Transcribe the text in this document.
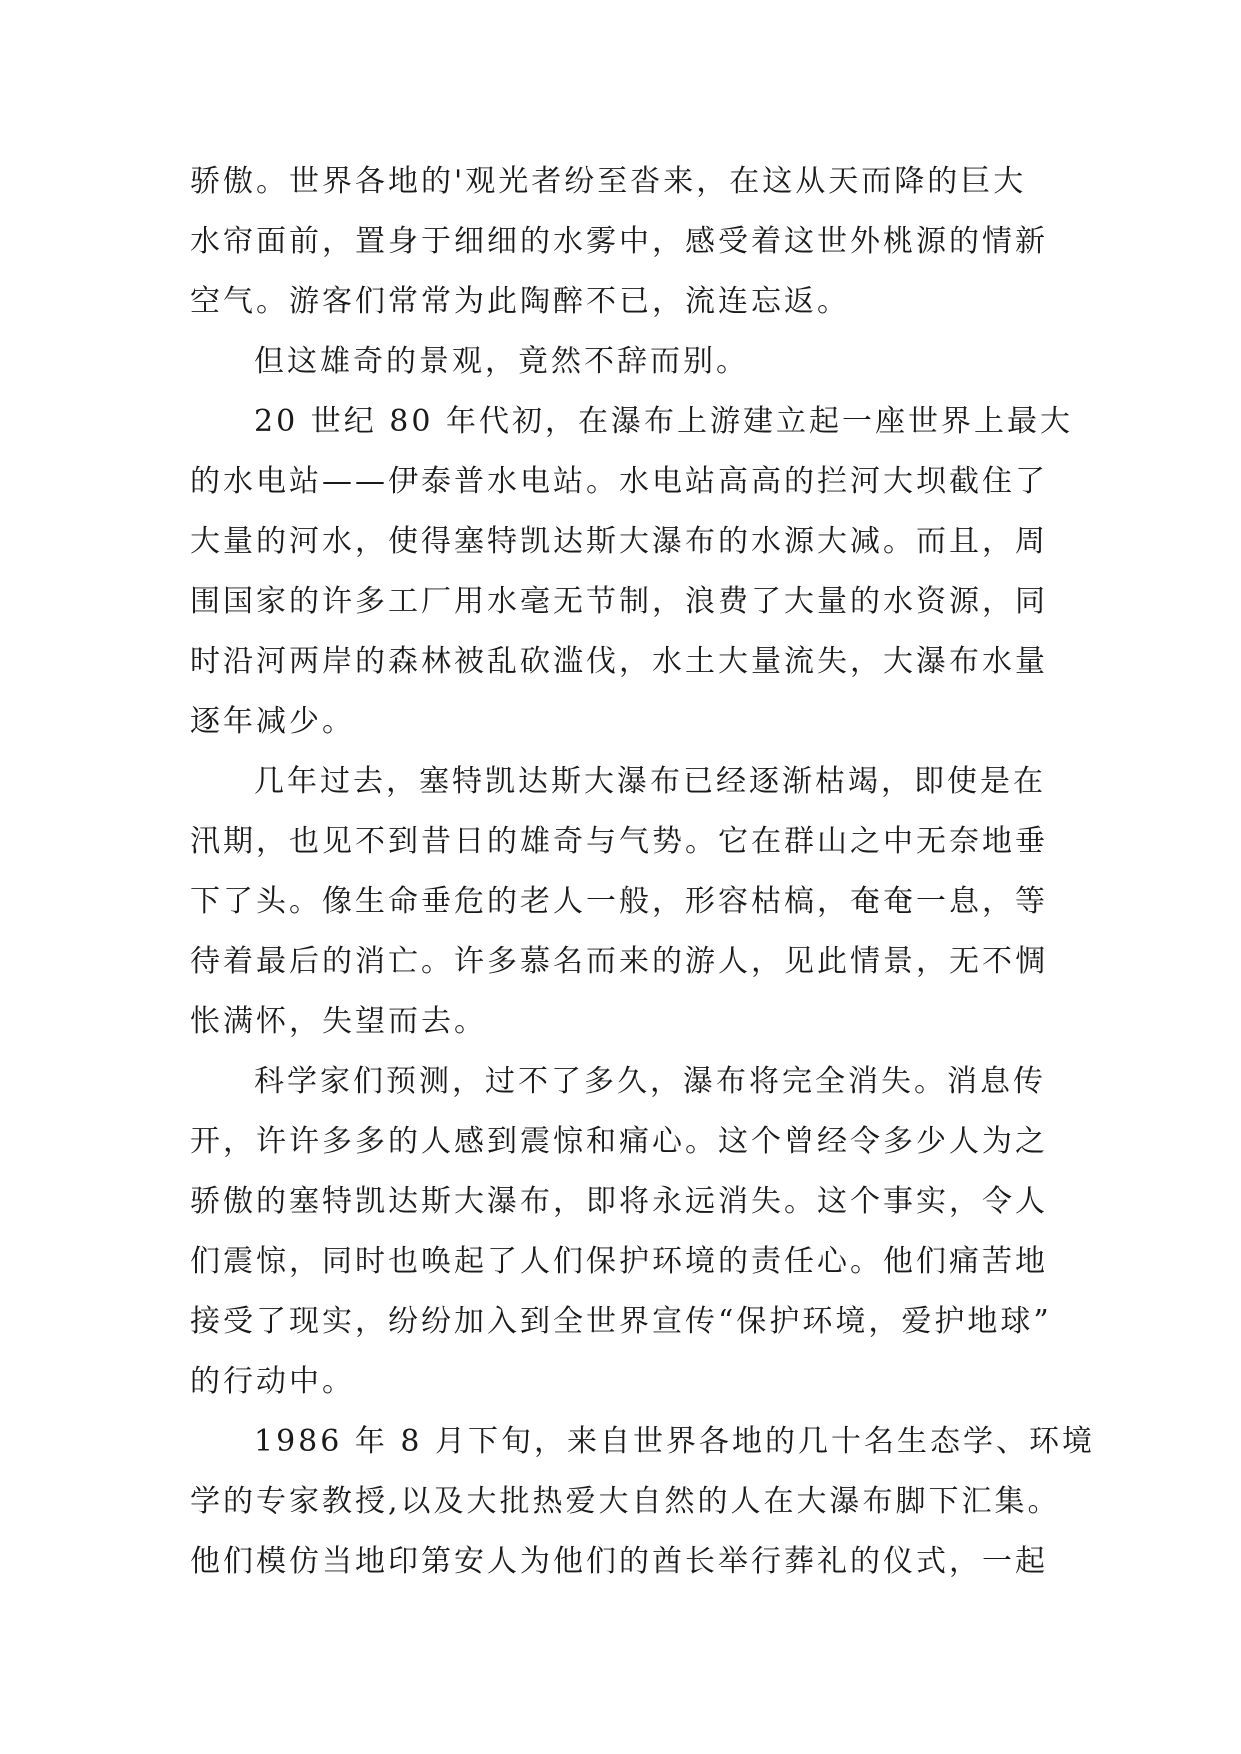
骄傲。世界各地的'观光者纷至沓来，在这从天而降的巨大
水帘面前，置身于细细的水雾中，感受着这世外桃源的情新
空气。游客们常常为此陶醉不已，流连忘返。
但这雄奇的景观，竟然不辞而别。
20 世纪 80 年代初，在瀑布上游建立起一座世界上最大
的水电站——伊泰普水电站。水电站高高的拦河大坝截住了
大量的河水，使得塞特凯达斯大瀑布的水源大减。而且，周
围国家的许多工厂用水毫无节制，浪费了大量的水资源，同
时沿河两岸的森林被乱砍滥伐，水土大量流失，大瀑布水量
逐年减少。
几年过去，塞特凯达斯大瀑布已经逐渐枯竭，即使是在
汛期，也见不到昔日的雄奇与气势。它在群山之中无奈地垂
下了头。像生命垂危的老人一般，形容枯槁，奄奄一息，等
待着最后的消亡。许多慕名而来的游人，见此情景，无不惆
怅满怀，失望而去。
科学家们预测，过不了多久，瀑布将完全消失。消息传
开，许许多多的人感到震惊和痛心。这个曾经令多少人为之
骄傲的塞特凯达斯大瀑布，即将永远消失。这个事实，令人
们震惊，同时也唤起了人们保护环境的责任心。他们痛苦地
接受了现实，纷纷加入到全世界宣传“保护环境，爱护地球”
的行动中。
1986 年 8 月下旬，来自世界各地的几十名生态学、环境
学的专家教授,以及大批热爱大自然的人在大瀑布脚下汇集。
他们模仿当地印第安人为他们的酋长举行葬礼的仪式，一起
